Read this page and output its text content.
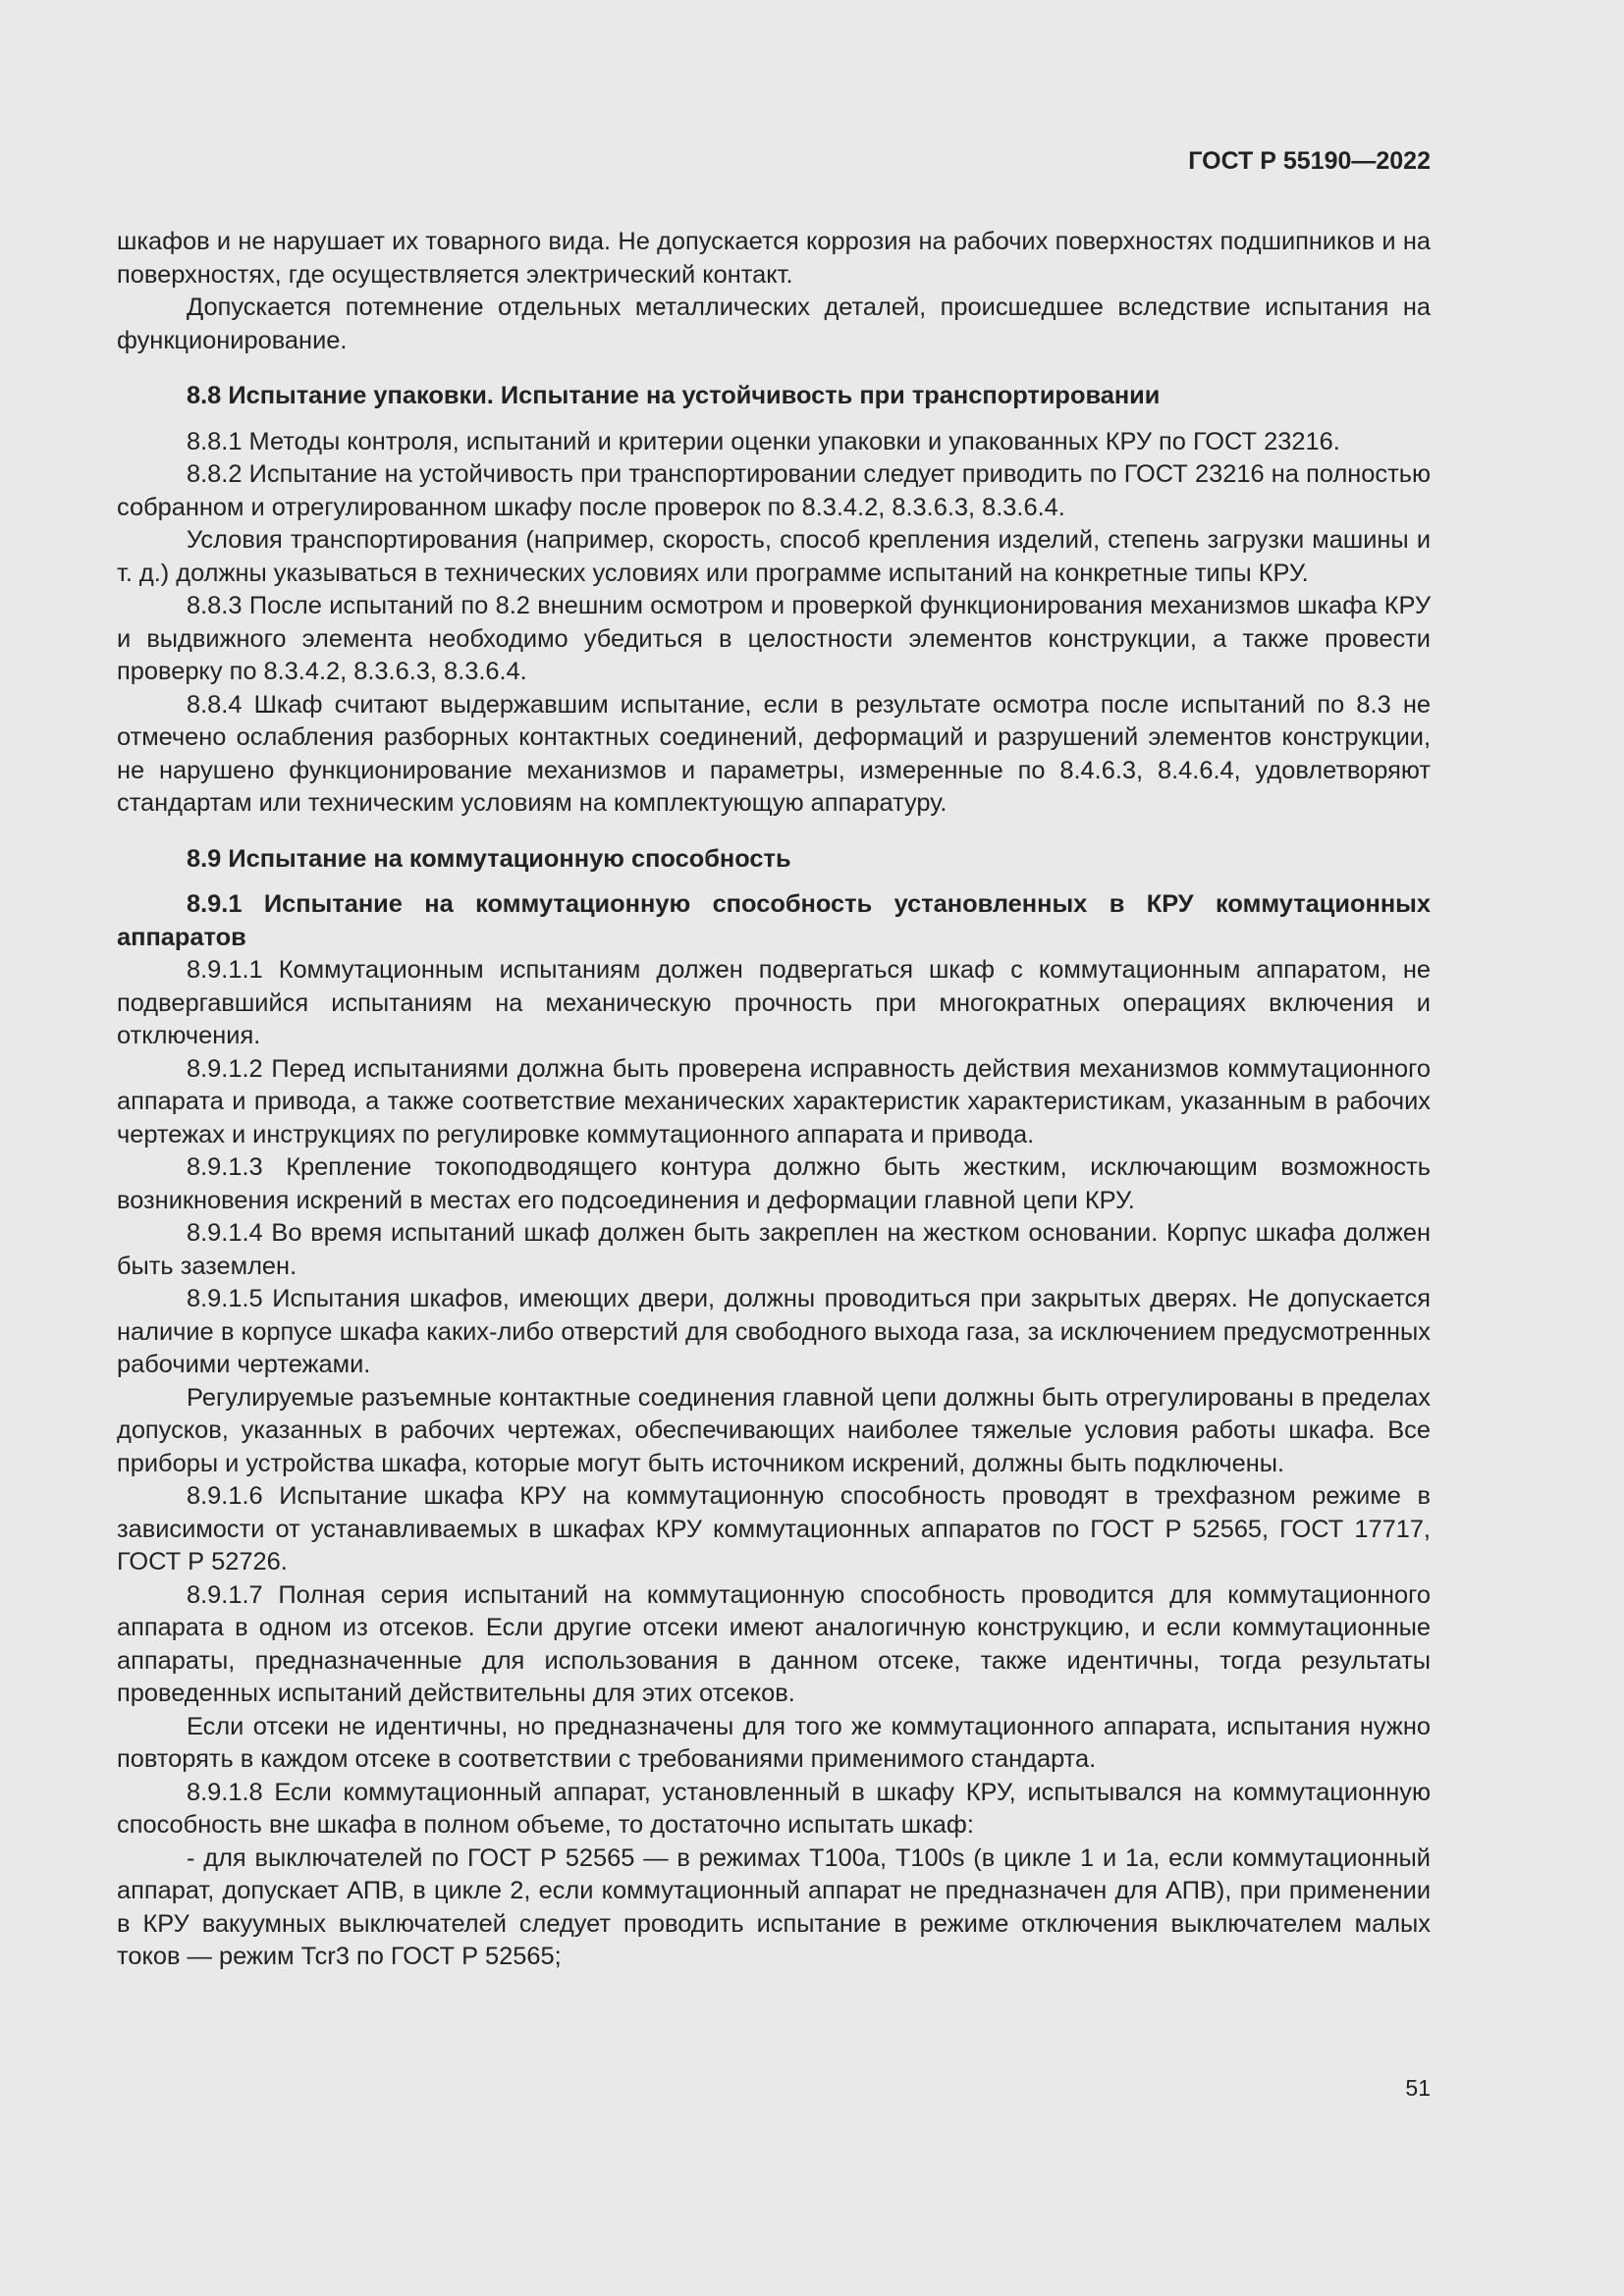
ГОСТ Р 55190—2022

шкафов и не нарушает их товарного вида. Не допускается коррозия на рабочих поверхностях подшипников и на поверхностях, где осуществляется электрический контакт.

Допускается потемнение отдельных металлических деталей, происшедшее вследствие испытания на функционирование.

8.8 Испытание упаковки. Испытание на устойчивость при транспортировании

8.8.1 Методы контроля, испытаний и критерии оценки упаковки и упакованных КРУ по ГОСТ 23216.

8.8.2 Испытание на устойчивость при транспортировании следует приводить по ГОСТ 23216 на полностью собранном и отрегулированном шкафу после проверок по 8.3.4.2, 8.3.6.3, 8.3.6.4.

Условия транспортирования (например, скорость, способ крепления изделий, степень загрузки машины и т. д.) должны указываться в технических условиях или программе испытаний на конкретные типы КРУ.

8.8.3 После испытаний по 8.2 внешним осмотром и проверкой функционирования механизмов шкафа КРУ и выдвижного элемента необходимо убедиться в целостности элементов конструкции, а также провести проверку по 8.3.4.2, 8.3.6.3, 8.3.6.4.

8.8.4 Шкаф считают выдержавшим испытание, если в результате осмотра после испытаний по 8.3 не отмечено ослабления разборных контактных соединений, деформаций и разрушений элементов конструкции, не нарушено функционирование механизмов и параметры, измеренные по 8.4.6.3, 8.4.6.4, удовлетворяют стандартам или техническим условиям на комплектующую аппаратуру.

8.9 Испытание на коммутационную способность

8.9.1 Испытание на коммутационную способность установленных в КРУ коммутационных аппаратов

8.9.1.1 Коммутационным испытаниям должен подвергаться шкаф с коммутационным аппаратом, не подвергавшийся испытаниям на механическую прочность при многократных операциях включения и отключения.

8.9.1.2 Перед испытаниями должна быть проверена исправность действия механизмов коммутационного аппарата и привода, а также соответствие механических характеристик характеристикам, указанным в рабочих чертежах и инструкциях по регулировке коммутационного аппарата и привода.

8.9.1.3 Крепление токоподводящего контура должно быть жестким, исключающим возможность возникновения искрений в местах его подсоединения и деформации главной цепи КРУ.

8.9.1.4 Во время испытаний шкаф должен быть закреплен на жестком основании. Корпус шкафа должен быть заземлен.

8.9.1.5 Испытания шкафов, имеющих двери, должны проводиться при закрытых дверях. Не допускается наличие в корпусе шкафа каких-либо отверстий для свободного выхода газа, за исключением предусмотренных рабочими чертежами.

Регулируемые разъемные контактные соединения главной цепи должны быть отрегулированы в пределах допусков, указанных в рабочих чертежах, обеспечивающих наиболее тяжелые условия работы шкафа. Все приборы и устройства шкафа, которые могут быть источником искрений, должны быть подключены.

8.9.1.6 Испытание шкафа КРУ на коммутационную способность проводят в трехфазном режиме в зависимости от устанавливаемых в шкафах КРУ коммутационных аппаратов по ГОСТ Р 52565, ГОСТ 17717, ГОСТ Р 52726.

8.9.1.7 Полная серия испытаний на коммутационную способность проводится для коммутационного аппарата в одном из отсеков. Если другие отсеки имеют аналогичную конструкцию, и если коммутационные аппараты, предназначенные для использования в данном отсеке, также идентичны, тогда результаты проведенных испытаний действительны для этих отсеков.

Если отсеки не идентичны, но предназначены для того же коммутационного аппарата, испытания нужно повторять в каждом отсеке в соответствии с требованиями применимого стандарта.

8.9.1.8 Если коммутационный аппарат, установленный в шкафу КРУ, испытывался на коммутационную способность вне шкафа в полном объеме, то достаточно испытать шкаф:

- для выключателей по ГОСТ Р 52565 — в режимах Т100а, Т100s (в цикле 1 и 1а, если коммутационный аппарат, допускает АПВ, в цикле 2, если коммутационный аппарат не предназначен для АПВ), при применении в КРУ вакуумных выключателей следует проводить испытание в режиме отключения выключателем малых токов — режим Тсr3 по ГОСТ Р 52565;

51
